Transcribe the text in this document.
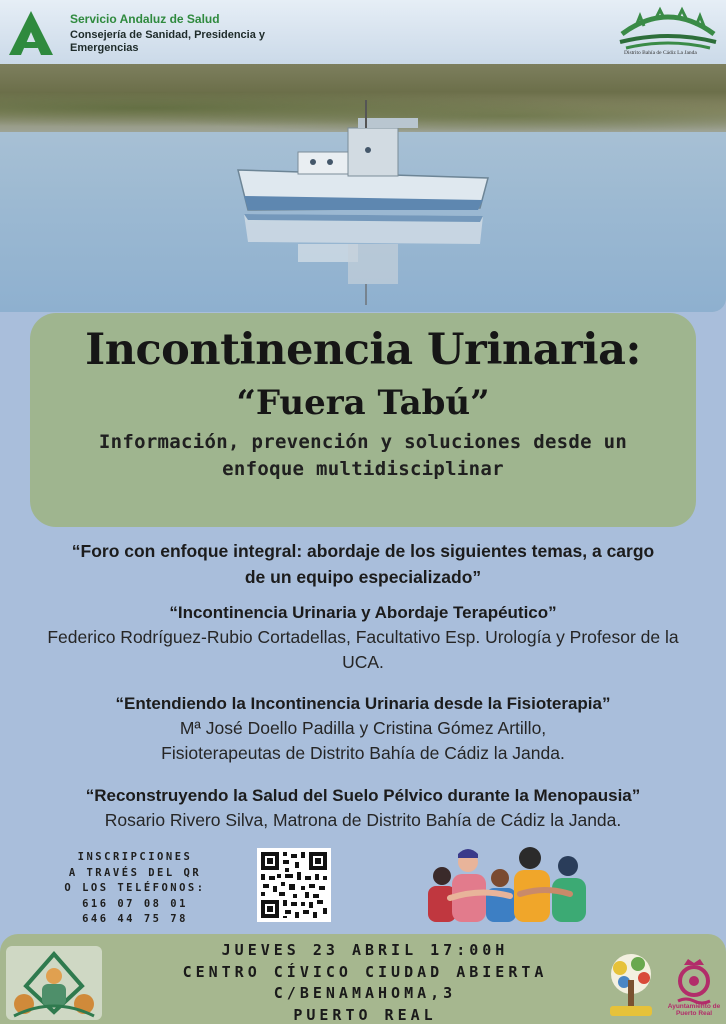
Servicio Andaluz de Salud
Consejería de Sanidad, Presidencia y Emergencias	Distrito Bahía de Cádiz La Janda
Incontinencia Urinaria:
“Fuera Tabú”
Información, prevención y soluciones desde un enfoque multidisciplinar
“Foro con enfoque integral: abordaje de los siguientes temas, a cargo de un equipo especializado”
“Incontinencia Urinaria y Abordaje Terapéutico”
Federico Rodríguez-Rubio Cortadellas, Facultativo Esp. Urología y Profesor de la UCA.
“Entendiendo la Incontinencia Urinaria desde la Fisioterapia”
Mª José Doello Padilla y Cristina Gómez Artillo, Fisioterapeutas de Distrito Bahía de Cádiz la Janda.
“Reconstruyendo la Salud del Suelo Pélvico durante la Menopausia”
Rosario Rivero Silva, Matrona de Distrito Bahía de Cádiz la Janda.
INSCRIPCIONES
A TRAVÉS DEL QR
O LOS TELÉFONOS:
616 07 08 01
646 44 75 78
JUEVES 23 ABRIL 17:00H
CENTRO CÍVICO CIUDAD ABIERTA
C/BENAMAHOMA,3
PUERTO REAL	Ayuntamiento de Puerto Real
